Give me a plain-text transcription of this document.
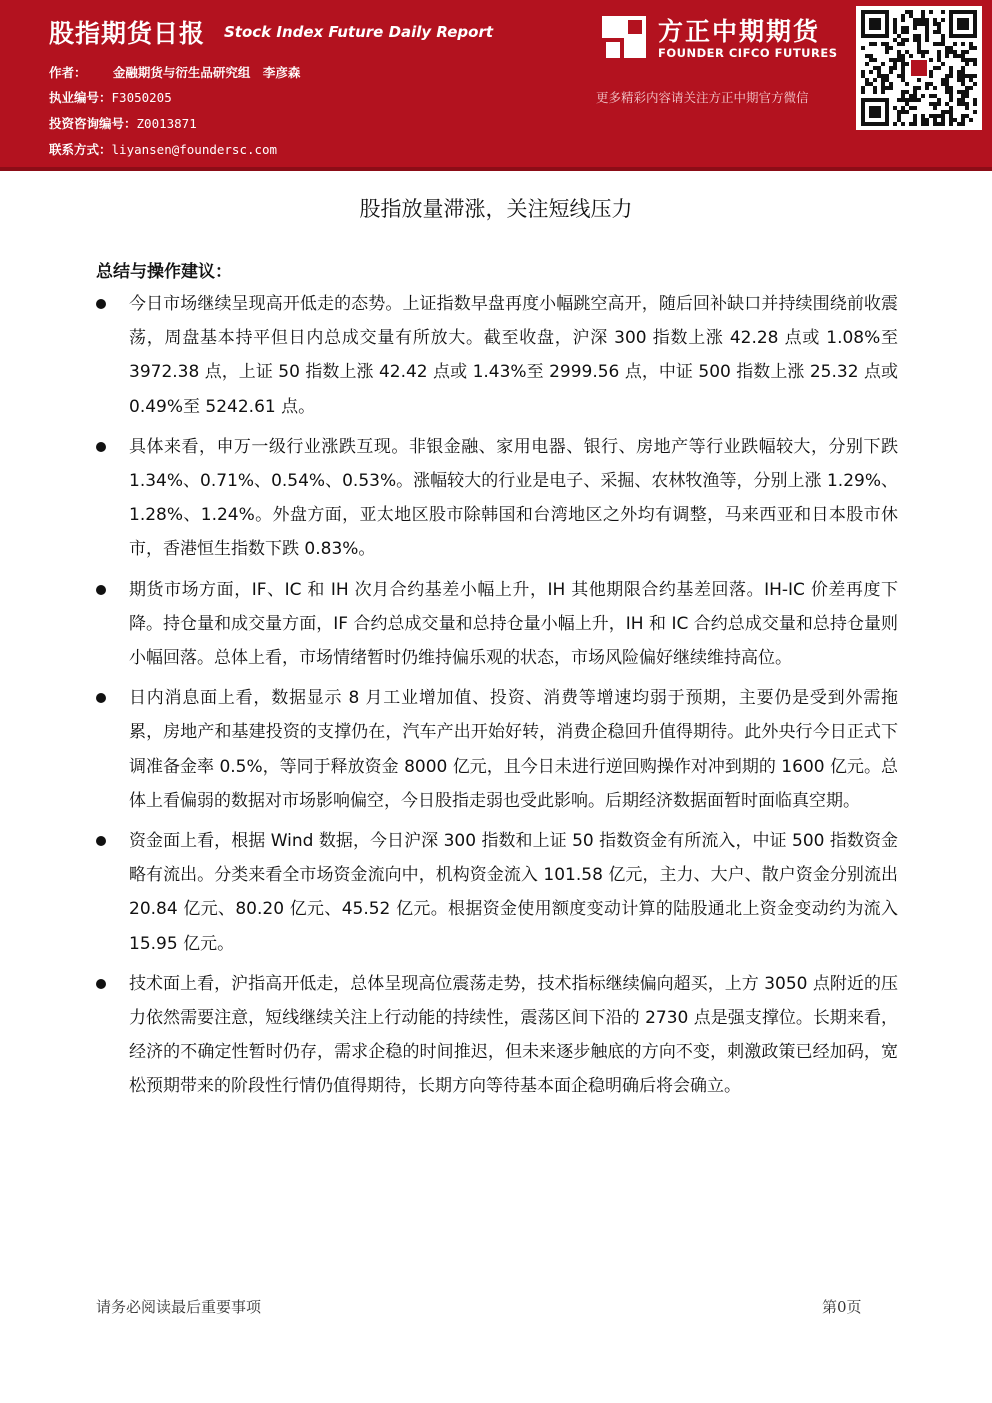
股指期货日报 Stock Index Future Daily Report
作者： 金融期货与衍生品研究组　李彦森
执业编号：F3050205
投资咨询编号：Z0013871
联系方式：liyansen@foundersc.com
方正中期期货
FOUNDER CIFCO FUTURES
更多精彩内容请关注方正中期官方微信
股指放量滞涨，关注短线压力
总结与操作建议：
今日市场继续呈现高开低走的态势。上证指数早盘再度小幅跳空高开，随后回补缺口并持续围绕前收震荡，周盘基本持平但日内总成交量有所放大。截至收盘，沪深 300 指数上涨 42.28 点或 1.08%至 3972.38 点，上证 50 指数上涨 42.42 点或 1.43%至 2999.56 点，中证 500 指数上涨 25.32 点或0.49%至 5242.61 点。
具体来看，申万一级行业涨跌互现。非银金融、家用电器、银行、房地产等行业跌幅较大，分别下跌 1.34%、0.71%、0.54%、0.53%。涨幅较大的行业是电子、采掘、农林牧渔等，分别上涨 1.29%、1.28%、1.24%。外盘方面，亚太地区股市除韩国和台湾地区之外均有调整，马来西亚和日本股市休市，香港恒生指数下跌 0.83%。
期货市场方面，IF、IC 和 IH 次月合约基差小幅上升，IH 其他期限合约基差回落。IH-IC 价差再度下降。持仓量和成交量方面，IF 合约总成交量和总持仓量小幅上升，IH 和 IC 合约总成交量和总持仓量则小幅回落。总体上看，市场情绪暂时仍维持偏乐观的状态，市场风险偏好继续维持高位。
日内消息面上看，数据显示 8 月工业增加值、投资、消费等增速均弱于预期，主要仍是受到外需拖累，房地产和基建投资的支撑仍在，汽车产出开始好转，消费企稳回升值得期待。此外央行今日正式下调准备金率 0.5%，等同于释放资金 8000 亿元，且今日未进行逆回购操作对冲到期的 1600 亿元。总体上看偏弱的数据对市场影响偏空，今日股指走弱也受此影响。后期经济数据面暂时面临真空期。
资金面上看，根据 Wind 数据，今日沪深 300 指数和上证 50 指数资金有所流入，中证 500 指数资金略有流出。分类来看全市场资金流向中，机构资金流入 101.58 亿元，主力、大户、散户资金分别流出 20.84 亿元、80.20 亿元、45.52 亿元。根据资金使用额度变动计算的陆股通北上资金变动约为流入 15.95 亿元。
技术面上看，沪指高开低走，总体呈现高位震荡走势，技术指标继续偏向超买，上方 3050 点附近的压力依然需要注意，短线继续关注上行动能的持续性，震荡区间下沿的 2730 点是强支撑位。长期来看，经济的不确定性暂时仍存，需求企稳的时间推迟，但未来逐步触底的方向不变，刺激政策已经加码，宽松预期带来的阶段性行情仍值得期待，长期方向等待基本面企稳明确后将会确立。
请务必阅读最后重要事项	第0页
